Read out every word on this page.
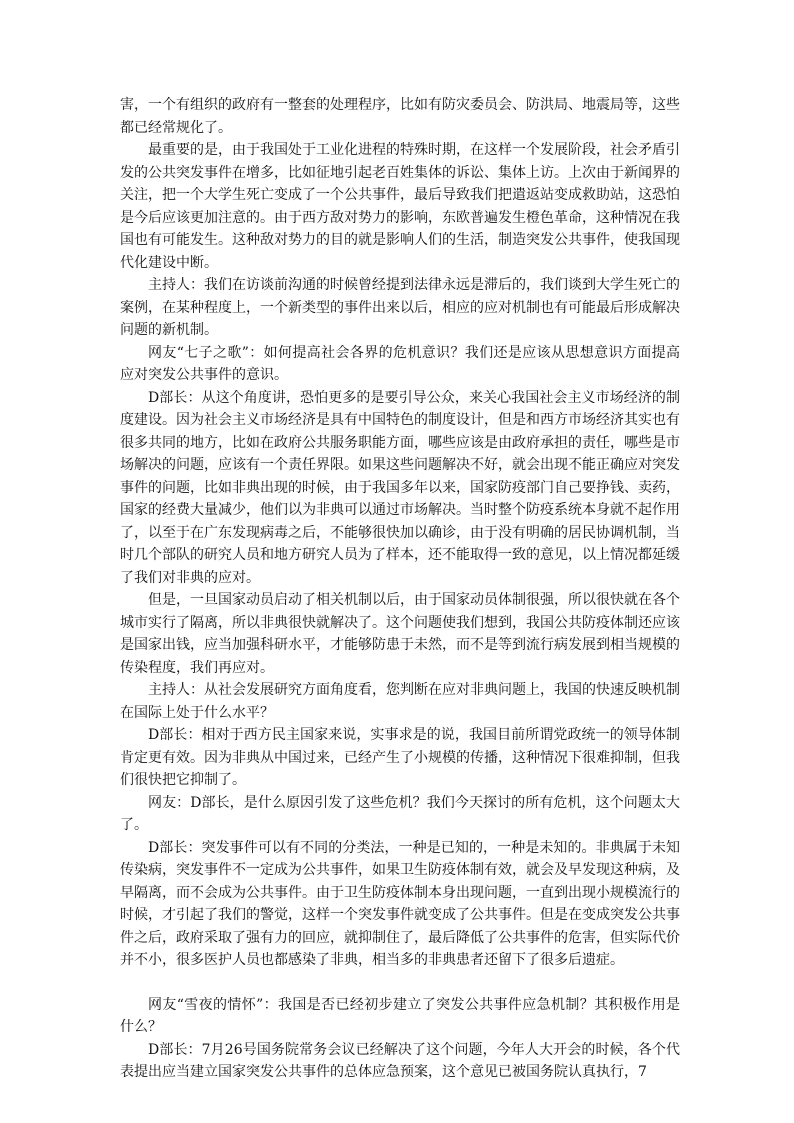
害，一个有组织的政府有一整套的处理程序，比如有防灾委员会、防洪局、地震局等，这些都已经常规化了。

最重要的是，由于我国处于工业化进程的特殊时期，在这样一个发展阶段，社会矛盾引发的公共突发事件在增多，比如征地引起老百姓集体的诉讼、集体上访。上次由于新闻界的关注，把一个大学生死亡变成了一个公共事件，最后导致我们把遣返站变成救助站，这恐怕是今后应该更加注意的。由于西方敌对势力的影响，东欧普遍发生橙色革命，这种情况在我国也有可能发生。这种敌对势力的目的就是影响人们的生活，制造突发公共事件，使我国现代化建设中断。

主持人：我们在访谈前沟通的时候曾经提到法律永远是滞后的，我们谈到大学生死亡的案例，在某种程度上，一个新类型的事件出来以后，相应的应对机制也有可能最后形成解决问题的新机制。

网友“七子之歌”：如何提高社会各界的危机意识？我们还是应该从思想意识方面提高应对突发公共事件的意识。

D部长：从这个角度讲，恐怕更多的是要引导公众，来关心我国社会主义市场经济的制度建设。因为社会主义市场经济是具有中国特色的制度设计，但是和西方市场经济其实也有很多共同的地方，比如在政府公共服务职能方面，哪些应该是由政府承担的责任，哪些是市场解决的问题，应该有一个责任界限。如果这些问题解决不好，就会出现不能正确应对突发事件的问题，比如非典出现的时候，由于我国多年以来，国家防疫部门自己要挣钱、卖药，国家的经费大量减少，他们以为非典可以通过市场解决。当时整个防疫系统本身就不起作用了，以至于在广东发现病毒之后，不能够很快加以确诊，由于没有明确的居民协调机制，当时几个部队的研究人员和地方研究人员为了样本，还不能取得一致的意见，以上情况都延缓了我们对非典的应对。

但是，一旦国家动员启动了相关机制以后，由于国家动员体制很强，所以很快就在各个城市实行了隔离，所以非典很快就解决了。这个问题使我们想到，我国公共防疫体制还应该是国家出钱，应当加强科研水平，才能够防患于未然，而不是等到流行病发展到相当规模的传染程度，我们再应对。

主持人：从社会发展研究方面角度看，您判断在应对非典问题上，我国的快速反映机制在国际上处于什么水平？

D部长：相对于西方民主国家来说，实事求是的说，我国目前所谓党政统一的领导体制肯定更有效。因为非典从中国过来，已经产生了小规模的传播，这种情况下很难抑制，但我们很快把它抑制了。

网友：D部长，是什么原因引发了这些危机？我们今天探讨的所有危机，这个问题太大了。

D部长：突发事件可以有不同的分类法，一种是已知的，一种是未知的。非典属于未知传染病，突发事件不一定成为公共事件，如果卫生防疫体制有效，就会及早发现这种病，及早隔离，而不会成为公共事件。由于卫生防疫体制本身出现问题，一直到出现小规模流行的时候，才引起了我们的警觉，这样一个突发事件就变成了公共事件。但是在变成突发公共事件之后，政府采取了强有力的回应，就抑制住了，最后降低了公共事件的危害，但实际代价并不小，很多医护人员也都感染了非典，相当多的非典患者还留下了很多后遗症。

网友“雪夜的情怀”：我国是否已经初步建立了突发公共事件应急机制？其积极作用是什么？

D部长：7月26号国务院常务会议已经解决了这个问题，今年人大开会的时候，各个代表提出应当建立国家突发公共事件的总体应急预案，这个意见已被国务院认真执行，7
